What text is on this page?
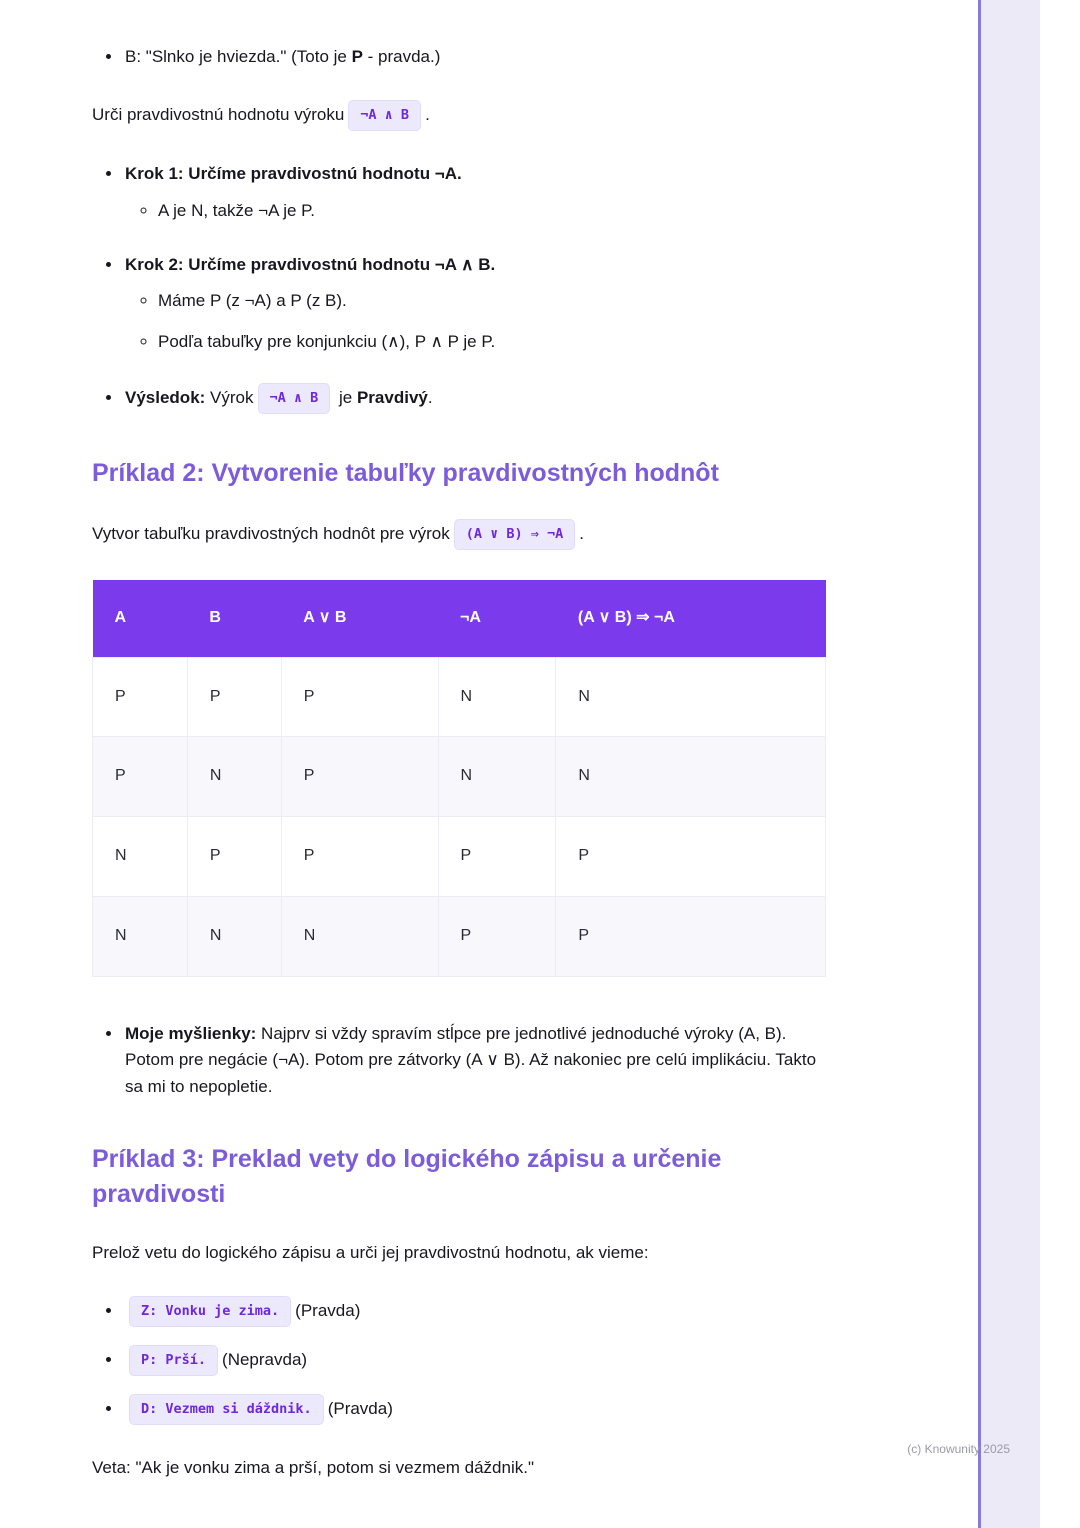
• B: "Slnko je hviezda." (Toto je P - pravda.)

Urči pravdivostnú hodnotu výroku ¬A ∧ B .

• Krok 1: Určíme pravdivostnú hodnotu ¬A.
◦ A je N, takže ¬A je P.
• Krok 2: Určíme pravdivostnú hodnotu ¬A ∧ B.
◦ Máme P (z ¬A) a P (z B).
◦ Podľa tabuľky pre konjunkciu (∧), P ∧ P je P.
• Výsledok: Výrok ¬A ∧ B je Pravdivý.
Príklad 2: Vytvorenie tabuľky pravdivostných hodnôt

Vytvor tabuľku pravdivostných hodnôt pre výrok (A ∨ B) ⇒ ¬A .

A	B	A ∨ B	¬A	(A ∨ B) ⇒ ¬A
P	P	P	N	N
P	N	P	N	N
N	P	P	P	P
N	N	N	P	P
• Moje myšlienky: Najprv si vždy spravím stĺpce pre jednotlivé jednoduché výroky (A, B). Potom pre negácie (¬A). Potom pre zátvorky (A ∨ B). Až nakoniec pre celú implikáciu. Takto sa mi to nepopletie.
Príklad 3: Preklad vety do logického zápisu a určenie pravdivosti

Prelož vetu do logického zápisu a urči jej pravdivostnú hodnotu, ak vieme:

• Z: Vonku je zima. (Pravda)
• P: Prší. (Nepravda)
• D: Vezmem si dáždnik. (Pravda)

Veta: "Ak je vonku zima a prší, potom si vezmem dáždnik."

(c) Knowunity 2025
